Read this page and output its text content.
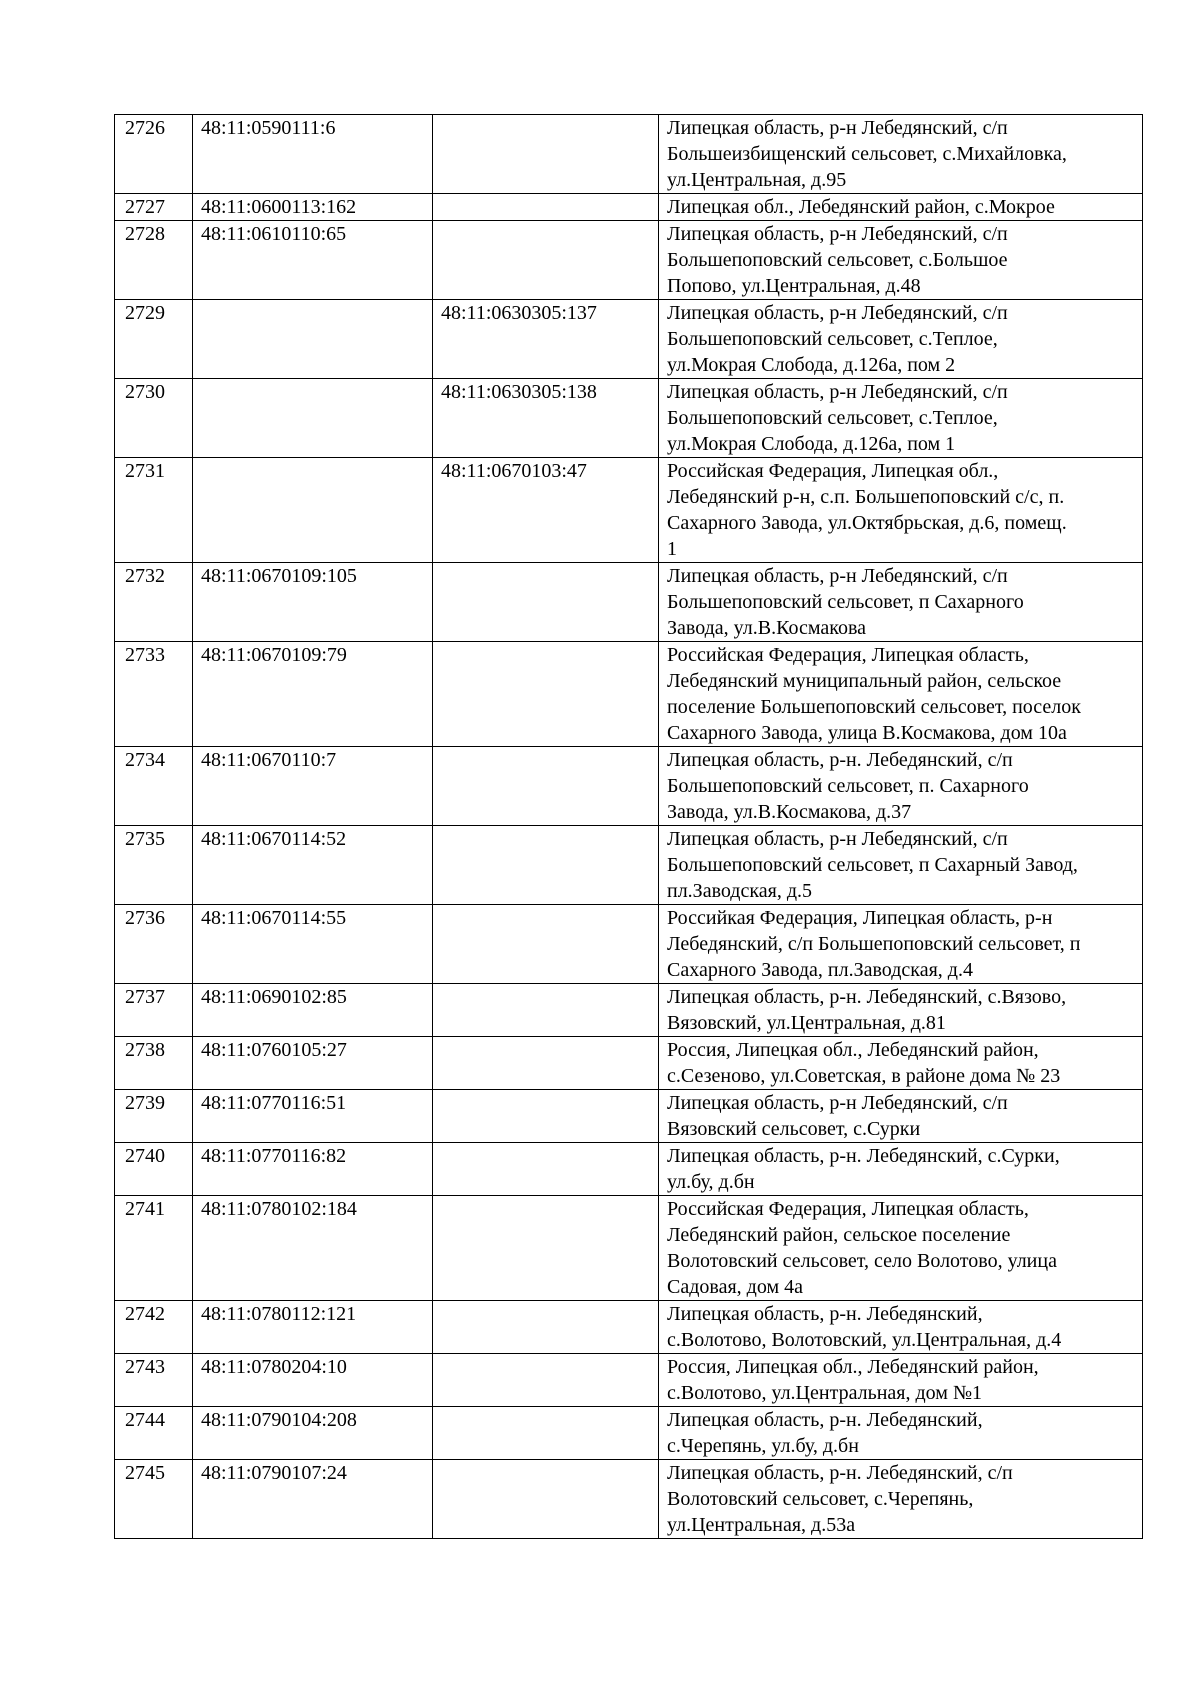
2726	48:11:0590111:6		Липецкая область, р-н Лебедянский, с/п
Большеизбищенский сельсовет, с.Михайловка,
ул.Центральная, д.95

2727	48:11:0600113:162		Липецкая обл., Лебедянский район, с.Мокрое

2728	48:11:0610110:65		Липецкая область, р-н Лебедянский, с/п
Большепоповский сельсовет, с.Большое
Попово, ул.Центральная, д.48

2729		48:11:0630305:137	Липецкая область, р-н Лебедянский, с/п
Большепоповский сельсовет, с.Теплое,
ул.Мокрая Слобода, д.126а, пом 2

2730		48:11:0630305:138	Липецкая область, р-н Лебедянский, с/п
Большепоповский сельсовет, с.Теплое,
ул.Мокрая Слобода, д.126а, пом 1

2731		48:11:0670103:47	Российская Федерация, Липецкая обл.,
Лебедянский р-н, с.п. Большепоповский с/с, п.
Сахарного Завода, ул.Октябрьская, д.6, помещ.
1

2732	48:11:0670109:105		Липецкая область, р-н Лебедянский, с/п
Большепоповский сельсовет, п Сахарного
Завода, ул.В.Космакова

2733	48:11:0670109:79		Российская Федерация, Липецкая область,
Лебедянский муниципальный район, сельское
поселение Большепоповский сельсовет, поселок
Сахарного Завода, улица В.Космакова, дом 10а

2734	48:11:0670110:7		Липецкая область, р-н. Лебедянский, с/п
Большепоповский сельсовет, п. Сахарного
Завода, ул.В.Космакова, д.37

2735	48:11:0670114:52		Липецкая область, р-н Лебедянский, с/п
Большепоповский сельсовет, п Сахарный Завод,
пл.Заводская, д.5

2736	48:11:0670114:55		Российкая Федерация, Липецкая область, р-н
Лебедянский, с/п Большепоповский сельсовет, п
Сахарного Завода, пл.Заводская, д.4

2737	48:11:0690102:85		Липецкая область, р-н. Лебедянский, с.Вязово,
Вязовский, ул.Центральная, д.81

2738	48:11:0760105:27		Россия, Липецкая обл., Лебедянский район,
с.Сезеново, ул.Советская, в районе дома № 23

2739	48:11:0770116:51		Липецкая область, р-н Лебедянский, с/п
Вязовский сельсовет, с.Сурки

2740	48:11:0770116:82		Липецкая область, р-н. Лебедянский, с.Сурки,
ул.бу, д.бн

2741	48:11:0780102:184		Российская Федерация, Липецкая область,
Лебедянский район, сельское поселение
Волотовский сельсовет, село Волотово, улица
Садовая, дом 4а

2742	48:11:0780112:121		Липецкая область, р-н. Лебедянский,
с.Волотово, Волотовский, ул.Центральная, д.4

2743	48:11:0780204:10		Россия, Липецкая обл., Лебедянский район,
с.Волотово, ул.Центральная, дом №1

2744	48:11:0790104:208		Липецкая область, р-н. Лебедянский,
с.Черепянь, ул.бу, д.бн

2745	48:11:0790107:24		Липецкая область, р-н. Лебедянский, с/п
Волотовский сельсовет, с.Черепянь,
ул.Центральная, д.53а
